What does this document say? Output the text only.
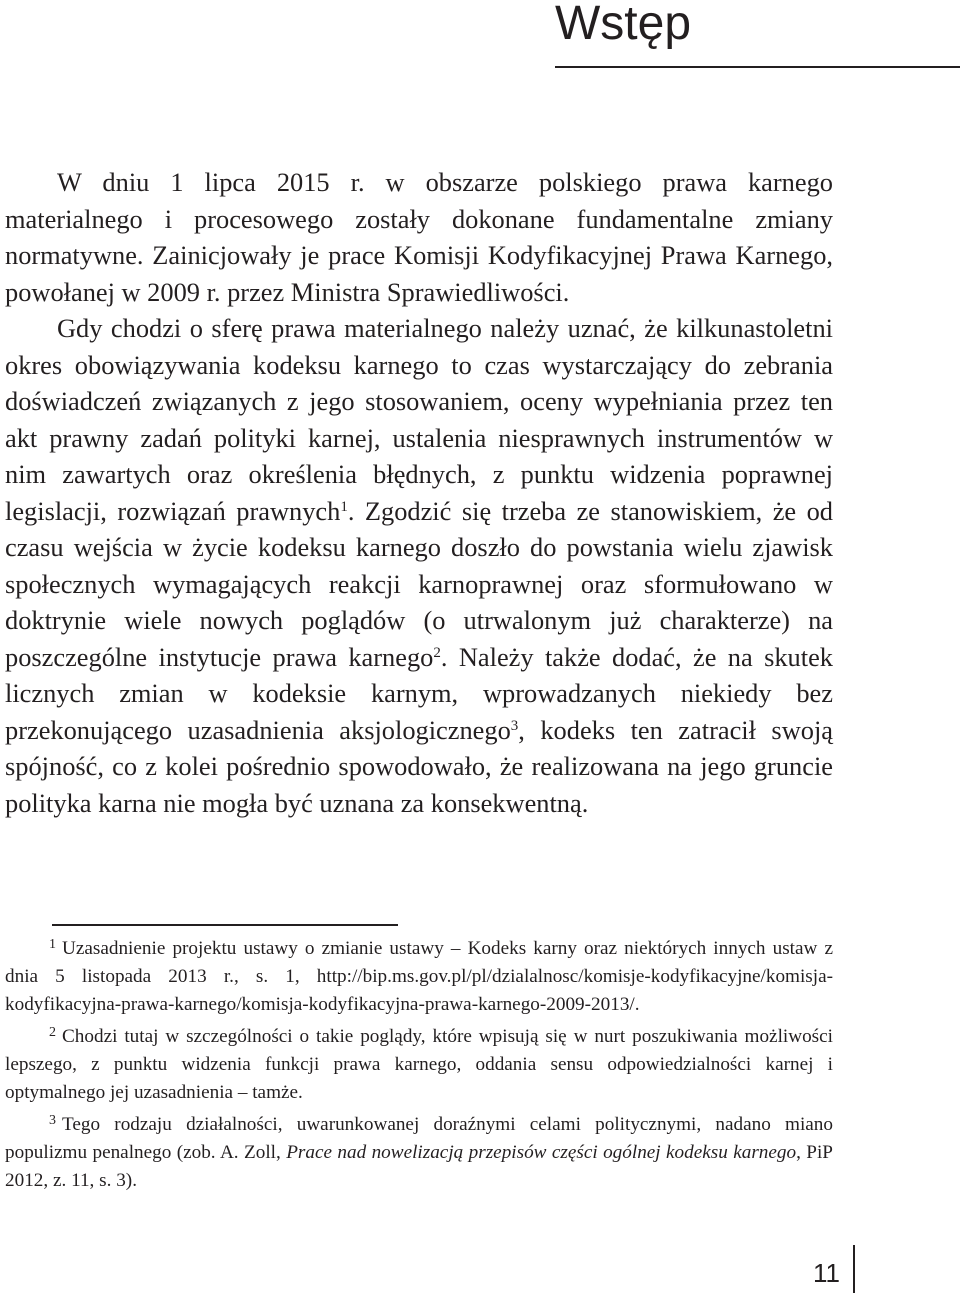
Wstęp

W dniu 1 lipca 2015 r. w obszarze polskiego prawa karnego materialnego i procesowego zostały dokonane fundamentalne zmiany normatywne. Zainicjowały je prace Komisji Kodyfikacyjnej Prawa Karnego, powołanej w 2009 r. przez Ministra Sprawiedliwości.

Gdy chodzi o sferę prawa materialnego należy uznać, że kilkunastoletni okres obowiązywania kodeksu karnego to czas wystarczający do zebrania doświadczeń związanych z jego stosowaniem, oceny wypełniania przez ten akt prawny zadań polityki karnej, ustalenia niesprawnych instrumentów w nim zawartych oraz określenia błędnych, z punktu widzenia poprawnej legislacji, rozwiązań prawnych$^1$. Zgodzić się trzeba ze stanowiskiem, że od czasu wejścia w życie kodeksu karnego doszło do powstania wielu zjawisk społecznych wymagających reakcji karnoprawnej oraz sformułowano w doktrynie wiele nowych poglądów (o utrwalonym już charakterze) na poszczególne instytucje prawa karnego$^2$. Należy także dodać, że na skutek licznych zmian w kodeksie karnym, wprowadzanych niekiedy bez przekonującego uzasadnienia aksjologicznego$^3$, kodeks ten zatracił swoją spójność, co z kolei pośrednio spowodowało, że realizowana na jego gruncie polityka karna nie mogła być uznana za konsekwentną.

$^1$ Uzasadnienie projektu ustawy o zmianie ustawy – Kodeks karny oraz niektórych innych ustaw z dnia 5 listopada 2013 r., s. 1, http://bip.ms.gov.pl/pl/dzialalnosc/komisje-kodyfikacyjne/komisja-kodyfikacyjna-prawa-karnego/komisja-kodyfikacyjna-prawa-karnego-2009-2013/.

$^2$ Chodzi tutaj w szczególności o takie poglądy, które wpisują się w nurt poszukiwania możliwości lepszego, z punktu widzenia funkcji prawa karnego, oddania sensu odpowiedzialności karnej i optymalnego jej uzasadnienia – tamże.

$^3$ Tego rodzaju działalności, uwarunkowanej doraźnymi celami politycznymi, nadano miano populizmu penalnego (zob. A. Zoll, Prace nad nowelizacją przepisów części ogólnej kodeksu karnego, PiP 2012, z. 11, s. 3).

11
